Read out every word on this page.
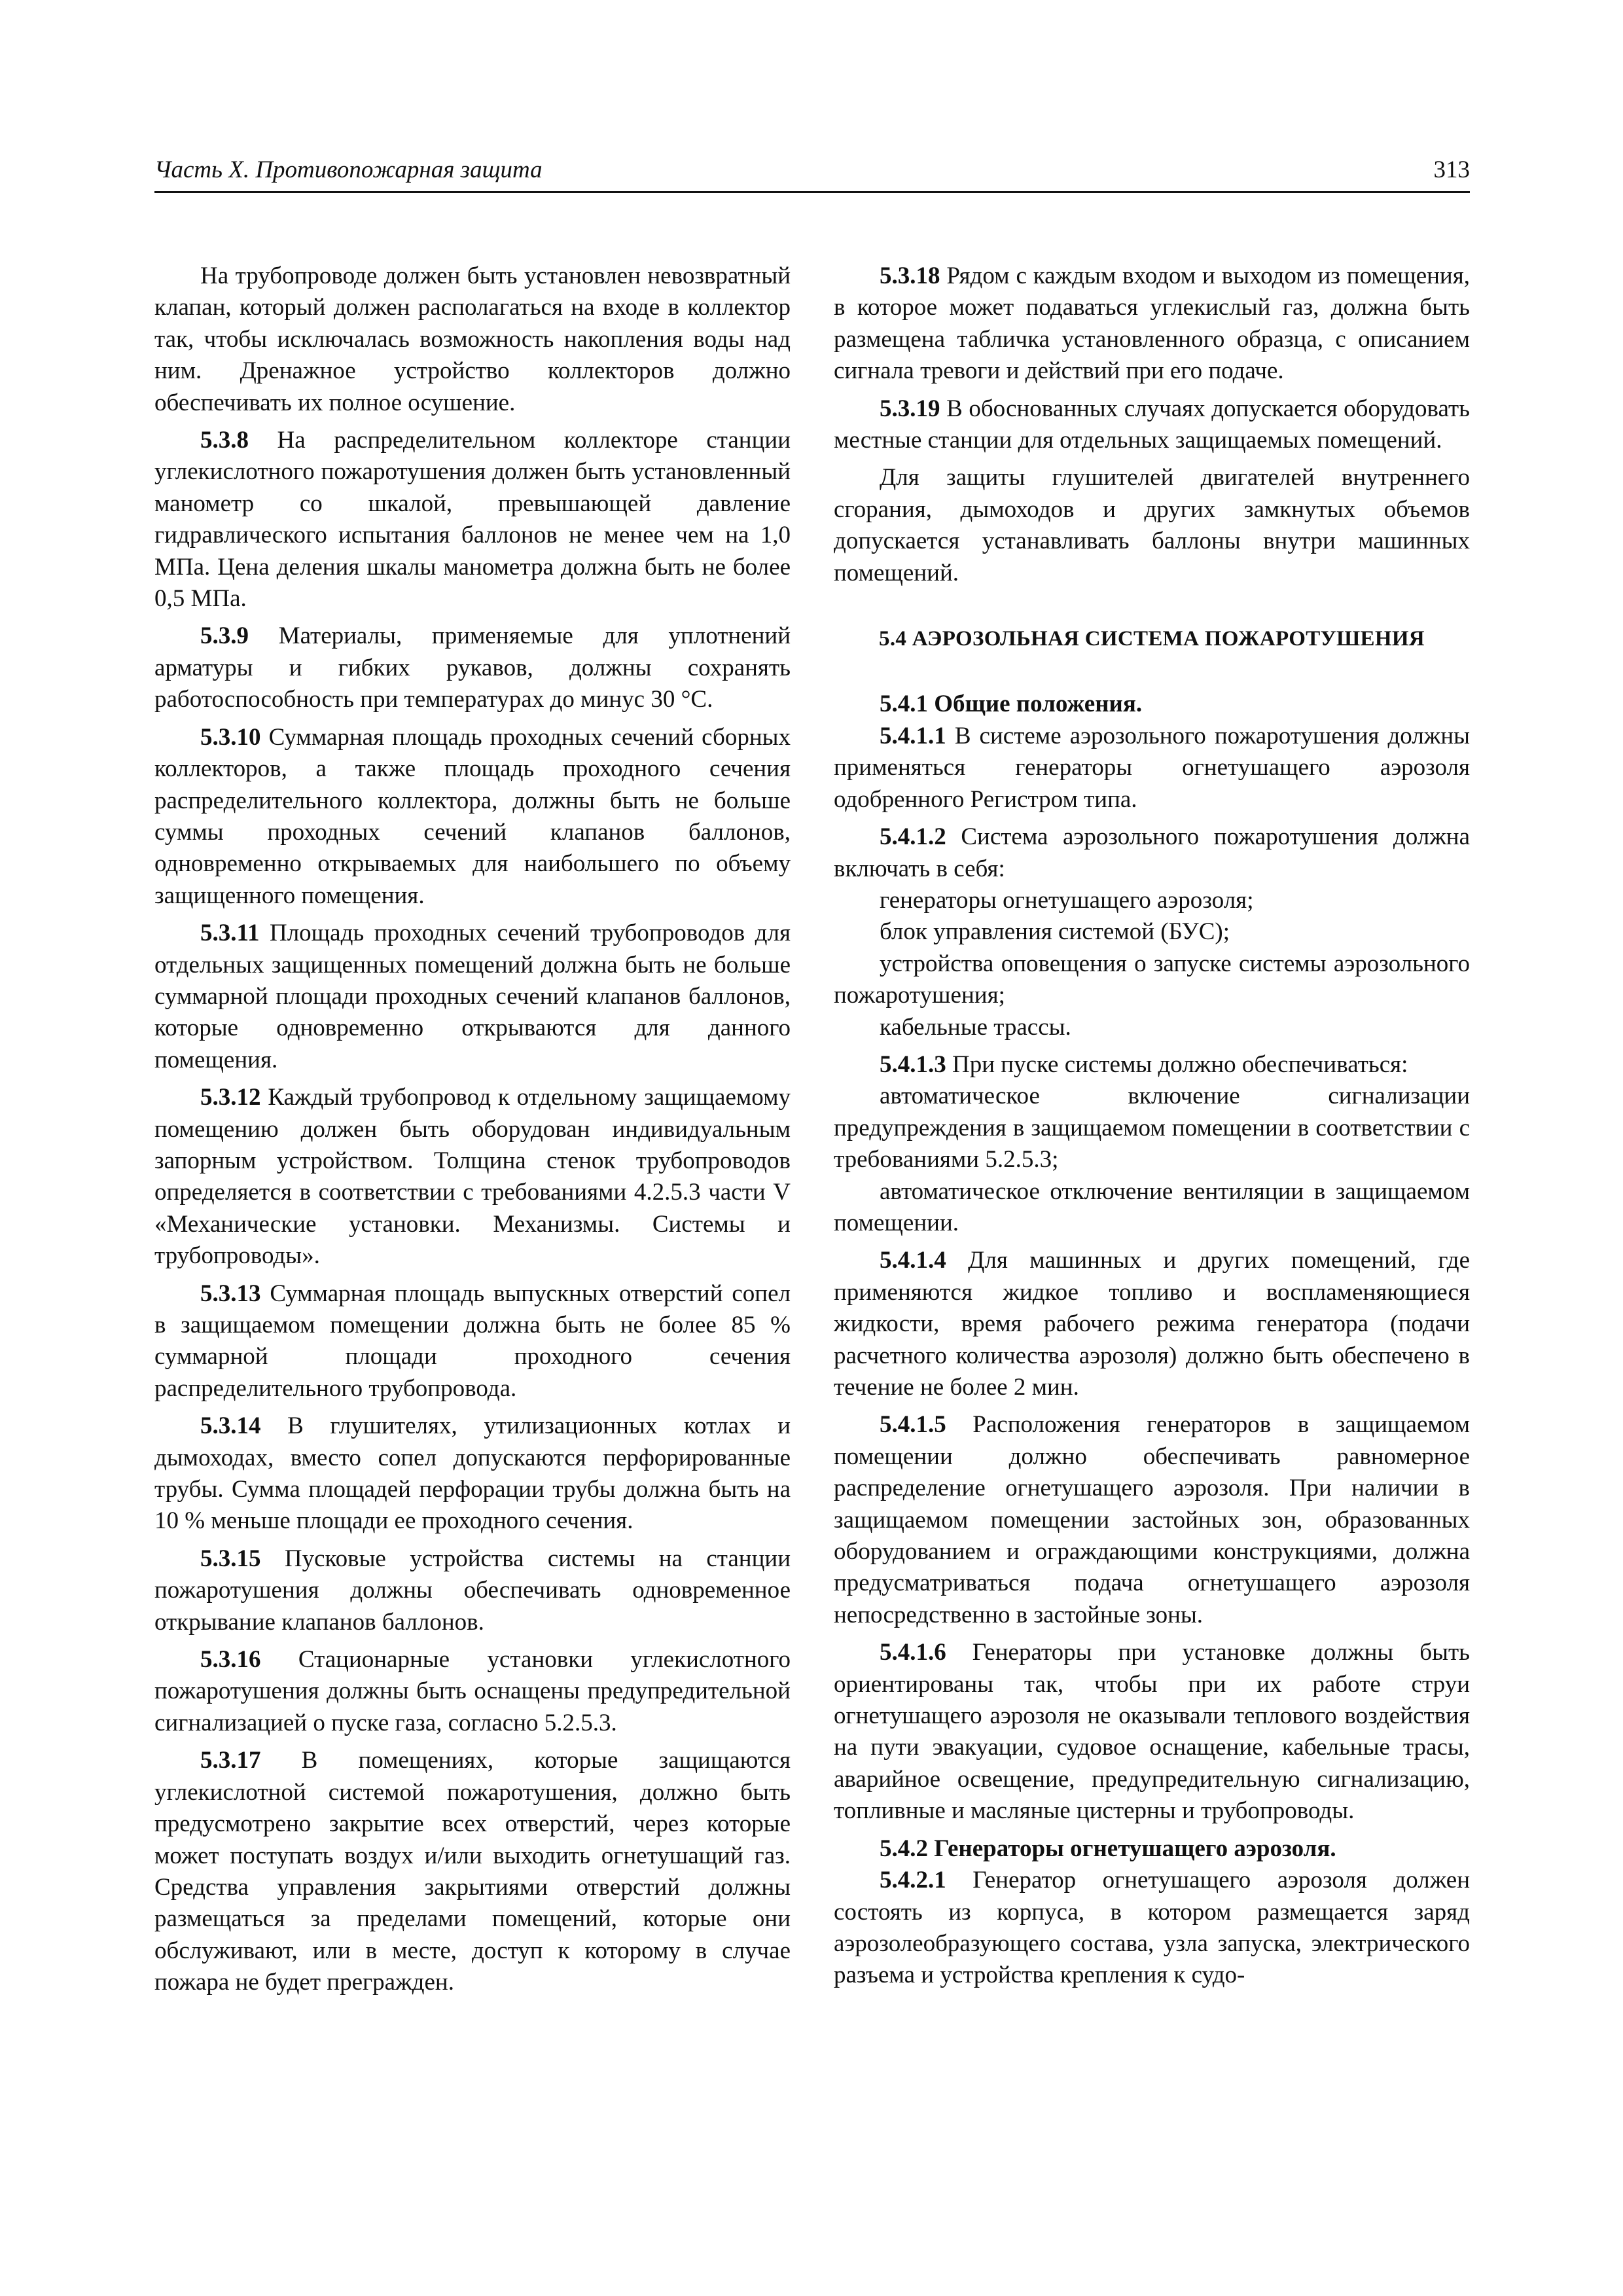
Часть X. Противопожарная защита	313

На трубопроводе должен быть установлен невозвратный клапан, который должен располагаться на входе в коллектор так, чтобы исключалась возможность накопления воды над ним. Дренажное устройство коллекторов должно обеспечивать их полное осушение.

5.3.8 На распределительном коллекторе станции углекислотного пожаротушения должен быть установленный манометр со шкалой, превышающей давление гидравлического испытания баллонов не менее чем на 1,0 МПа. Цена деления шкалы манометра должна быть не более 0,5 МПа.

5.3.9 Материалы, применяемые для уплотнений арматуры и гибких рукавов, должны сохранять работоспособность при температурах до минус 30 °С.

5.3.10 Суммарная площадь проходных сечений сборных коллекторов, а также площадь проходного сечения распределительного коллектора, должны быть не больше суммы проходных сечений клапанов баллонов, одновременно открываемых для наибольшего по объему защищенного помещения.

5.3.11 Площадь проходных сечений трубопроводов для отдельных защищенных помещений должна быть не больше суммарной площади проходных сечений клапанов баллонов, которые одновременно открываются для данного помещения.

5.3.12 Каждый трубопровод к отдельному защищаемому помещению должен быть оборудован индивидуальным запорным устройством. Толщина стенок трубопроводов определяется в соответствии с требованиями 4.2.5.3 части V «Механические установки. Механизмы. Системы и трубопроводы».

5.3.13 Суммарная площадь выпускных отверстий сопел в защищаемом помещении должна быть не более 85 % суммарной площади проходного сечения распределительного трубопровода.

5.3.14 В глушителях, утилизационных котлах и дымоходах, вместо сопел допускаются перфорированные трубы. Сумма площадей перфорации трубы должна быть на 10 % меньше площади ее проходного сечения.

5.3.15 Пусковые устройства системы на станции пожаротушения должны обеспечивать одновременное открывание клапанов баллонов.

5.3.16 Стационарные установки углекислотного пожаротушения должны быть оснащены предупредительной сигнализацией о пуске газа, согласно 5.2.5.3.

5.3.17 В помещениях, которые защищаются углекислотной системой пожаротушения, должно быть предусмотрено закрытие всех отверстий, через которые может поступать воздух и/или выходить огнетушащий газ. Средства управления закрытиями отверстий должны размещаться за пределами помещений, которые они обслуживают, или в месте, доступ к которому в случае пожара не будет прегражден.

5.3.18 Рядом с каждым входом и выходом из помещения, в которое может подаваться углекислый газ, должна быть размещена табличка установленного образца, с описанием сигнала тревоги и действий при его подаче.

5.3.19 В обоснованных случаях допускается оборудовать местные станции для отдельных защищаемых помещений.

Для защиты глушителей двигателей внутреннего сгорания, дымоходов и других замкнутых объемов допускается устанавливать баллоны внутри машинных помещений.

5.4 АЭРОЗОЛЬНАЯ СИСТЕМА ПОЖАРОТУШЕНИЯ

5.4.1 Общие положения.

5.4.1.1 В системе аэрозольного пожаротушения должны применяться генераторы огнетушащего аэрозоля одобренного Регистром типа.

5.4.1.2 Система аэрозольного пожаротушения должна включать в себя:

генераторы огнетушащего аэрозоля;

блок управления системой (БУС);

устройства оповещения о запуске системы аэрозольного пожаротушения;

кабельные трассы.

5.4.1.3 При пуске системы должно обеспечиваться:

автоматическое включение сигнализации предупреждения в защищаемом помещении в соответствии с требованиями 5.2.5.3;

автоматическое отключение вентиляции в защищаемом помещении.

5.4.1.4 Для машинных и других помещений, где применяются жидкое топливо и воспламеняющиеся жидкости, время рабочего режима генератора (подачи расчетного количества аэрозоля) должно быть обеспечено в течение не более 2 мин.

5.4.1.5 Расположения генераторов в защищаемом помещении должно обеспечивать равномерное распределение огнетушащего аэрозоля. При наличии в защищаемом помещении застойных зон, образованных оборудованием и ограждающими конструкциями, должна предусматриваться подача огнетушащего аэрозоля непосредственно в застойные зоны.

5.4.1.6 Генераторы при установке должны быть ориентированы так, чтобы при их работе струи огнетушащего аэрозоля не оказывали теплового воздействия на пути эвакуации, судовое оснащение, кабельные трасы, аварийное освещение, предупредительную сигнализацию, топливные и масляные цистерны и трубопроводы.

5.4.2 Генераторы огнетушащего аэрозоля.

5.4.2.1 Генератор огнетушащего аэрозоля должен состоять из корпуса, в котором размещается заряд аэрозолеобразующего состава, узла запуска, электрического разъема и устройства крепления к судо-
